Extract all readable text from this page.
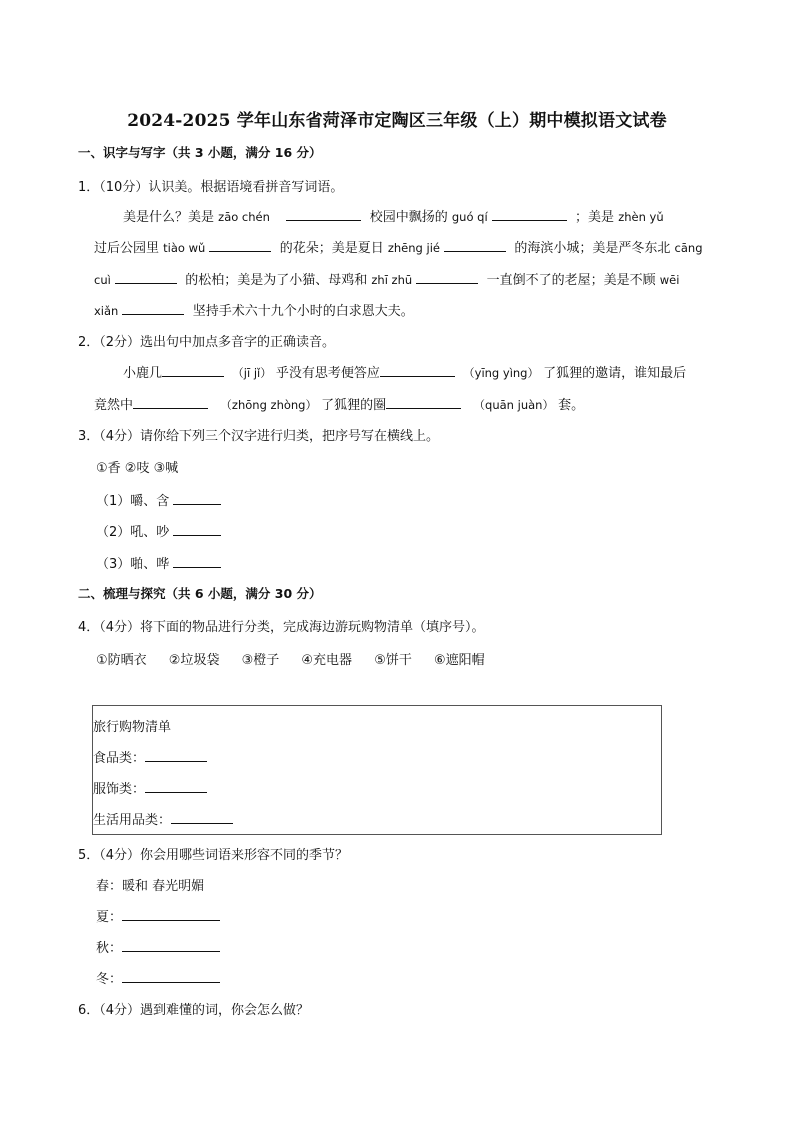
2024-2025 学年山东省菏泽市定陶区三年级（上）期中模拟语文试卷
一、识字与写字（共 3 小题，满分 16 分）
1．（10分）认识美。根据语境看拼音写词语。
美是什么？美是 zāo chén	校园中飘扬的 guó qí	；美是 zhèn yǔ
过后公园里 tiào wǔ	的花朵；美是夏日 zhēng jié	的海滨小城；美是严冬东北 cāng
cuì	的松柏；美是为了小猫、母鸡和 zhī zhū	一直倒不了的老屋；美是不顾 wēi
xiǎn	坚持手术六十九个小时的白求恩大夫。
2．（2分）选出句中加点多音字的正确读音。
小鹿几	（jī jǐ） 乎没有思考便答应	（yīng yìng） 了狐狸的邀请，谁知最后
竟然中	（zhōng zhòng） 了狐狸的圈	（quān juàn） 套。
3．（4分）请你给下列三个汉字进行归类，把序号写在横线上。
①香 ②吱 ③喊
（1）嚼、含
（2）吼、吵
（3）啪、哗
二、梳理与探究（共 6 小题，满分 30 分）
4．（4分）将下面的物品进行分类，完成海边游玩购物清单（填序号）。
①防晒衣 ②垃圾袋 ③橙子 ④充电器 ⑤饼干 ⑥遮阳帽
旅行购物清单
食品类：
服饰类：
生活用品类：
5．（4分）你会用哪些词语来形容不同的季节？
春：暖和 春光明媚
夏：
秋：
冬：
6．（4分）遇到难懂的词，你会怎么做？
